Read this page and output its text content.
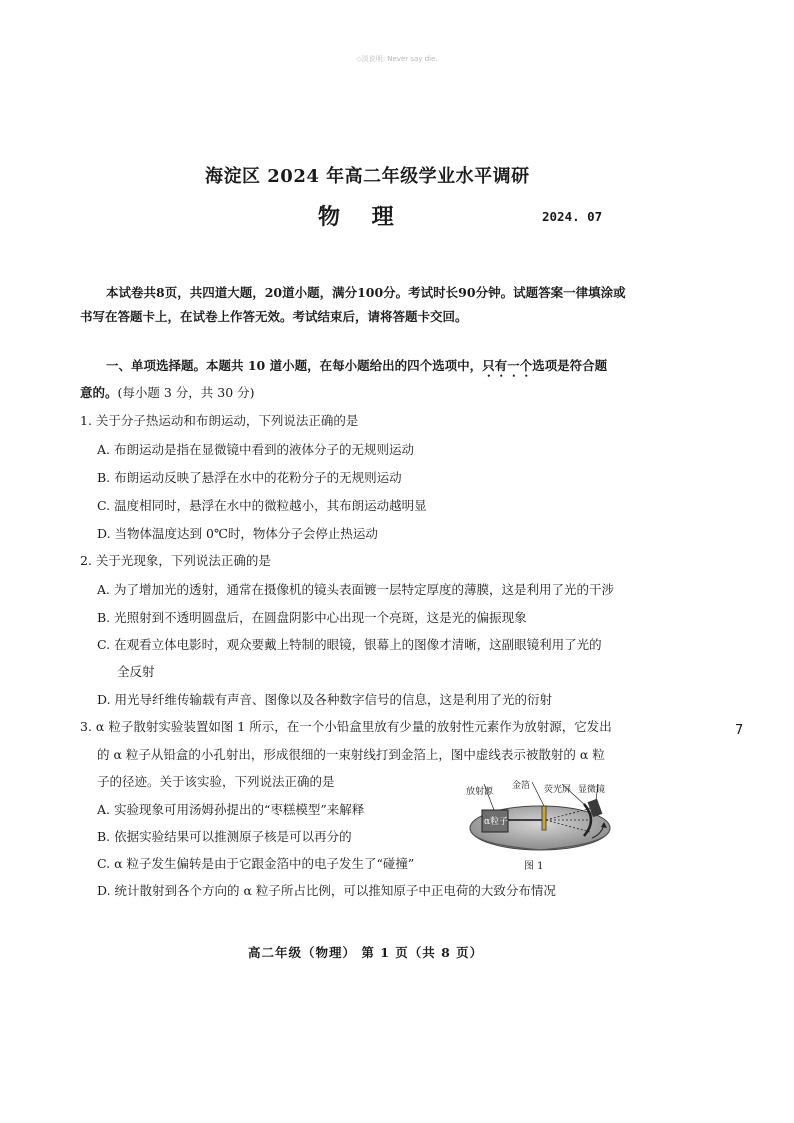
◇淡说明: Never say die.
海淀区 2024 年高二年级学业水平调研
物 理	2024. 07
本试卷共8页，共四道大题，20道小题，满分100分。考试时长90分钟。试题答案一律填涂或
书写在答题卡上，在试卷上作答无效。考试结束后，请将答题卡交回。
一、单项选择题。本题共 10 道小题，在每小题给出的四个选项中，只有一个选项是符合题
意的。(每小题 3 分，共 30 分)
1. 关于分子热运动和布朗运动，下列说法正确的是
A. 布朗运动是指在显微镜中看到的液体分子的无规则运动
B. 布朗运动反映了悬浮在水中的花粉分子的无规则运动
C. 温度相同时，悬浮在水中的微粒越小，其布朗运动越明显
D. 当物体温度达到 0℃时，物体分子会停止热运动
2. 关于光现象，下列说法正确的是
A. 为了增加光的透射，通常在摄像机的镜头表面镀一层特定厚度的薄膜，这是利用了光的干涉
B. 光照射到不透明圆盘后，在圆盘阴影中心出现一个亮斑，这是光的偏振现象
C. 在观看立体电影时，观众要戴上特制的眼镜，银幕上的图像才清晰，这副眼镜利用了光的
全反射
D. 用光导纤维传输载有声音、图像以及各种数字信号的信息，这是利用了光的衍射
3. α 粒子散射实验装置如图 1 所示，在一个小铅盒里放有少量的放射性元素作为放射源，它发出
的 α 粒子从铅盒的小孔射出，形成很细的一束射线打到金箔上，图中虚线表示被散射的 α 粒
子的径迹。关于该实验，下列说法正确的是
A. 实验现象可用汤姆孙提出的“枣糕模型”来解释
B. 依据实验结果可以推测原子核是可以再分的
C. α 粒子发生偏转是由于它跟金箔中的电子发生了“碰撞”
D. 统计散射到各个方向的 α 粒子所占比例，可以推知原子中正电荷的大致分布情况
放射源
金箔 荧光屏 显微镜
α粒子
图 1
7
高二年级（物理） 第 1 页（共 8 页）
